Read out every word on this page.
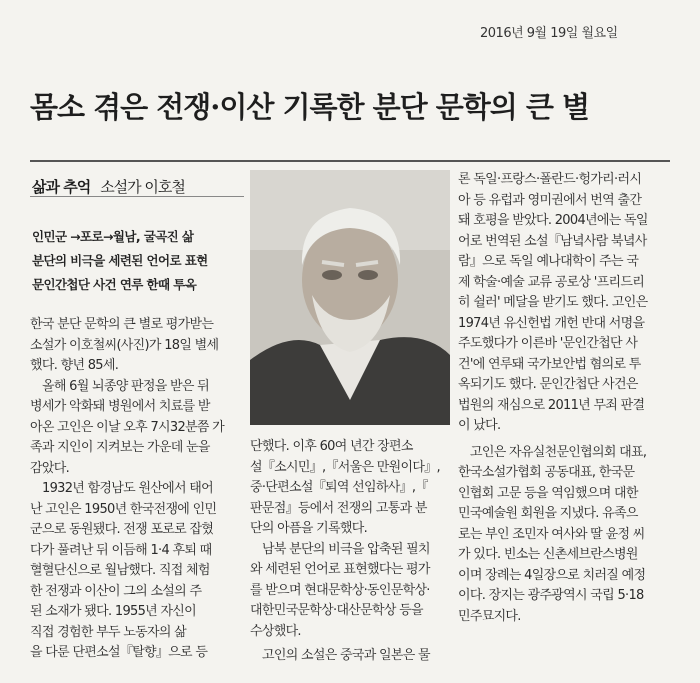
2016년 9월 19일 월요일
몸소 겪은 전쟁·이산 기록한 분단 문학의 큰 별
삶과 추억 소설가 이호철

인민군 →포로→월남, 굴곡진 삶

분단의 비극을 세련된 언어로 표현

문인간첩단 사건 연루 한때 투옥

한국 분단 문학의 큰 별로 평가받는
소설가 이호철씨(사진)가 18일 별세
했다. 향년 85세.
올해 6월 뇌종양 판정을 받은 뒤
병세가 악화돼 병원에서 치료를 받
아온 고인은 이날 오후 7시32분쯤 가
족과 지인이 지켜보는 가운데 눈을
감았다.
1932년 함경남도 원산에서 태어
난 고인은 1950년 한국전쟁에 인민
군으로 동원됐다. 전쟁 포로로 잡혔
다가 풀려난 뒤 이듬해 1·4 후퇴 때
혈혈단신으로 월남했다. 직접 체험
한 전쟁과 이산이 그의 소설의 주
된 소재가 됐다. 1955년 자신이
직접 경험한 부두 노동자의 삶
을 다룬 단편소설『탈향』으로 등
단했다. 이후 60여 년간 장편소
설『소시민』,『서울은 만원이다』,
중·단편소설『퇴역 선임하사』,『
판문점』등에서 전쟁의 고통과 분
단의 아픔을 기록했다.
남북 분단의 비극을 압축된 필치
와 세련된 언어로 표현했다는 평가
를 받으며 현대문학상·동인문학상·
대한민국문학상·대산문학상 등을
수상했다.
고인의 소설은 중국과 일본은 물
론 독일·프랑스·폴란드·헝가리·러시
아 등 유럽과 영미권에서 번역 출간
돼 호평을 받았다. 2004년에는 독일
어로 번역된 소설『남녘사람 북녘사
람』으로 독일 예나대학이 주는 국
제 학술·예술 교류 공로상 '프리드리
히 쉴러' 메달을 받기도 했다. 고인은
1974년 유신헌법 개헌 반대 서명을
주도했다가 이른바 '문인간첩단 사
건'에 연루돼 국가보안법 혐의로 투
옥되기도 했다. 문인간첩단 사건은
법원의 재심으로 2011년 무죄 판결
이 났다.
고인은 자유실천문인협의회 대표,
한국소설가협회 공동대표, 한국문
인협회 고문 등을 역임했으며 대한
민국예술원 회원을 지냈다. 유족으
로는 부인 조민자 여사와 딸 윤정 씨
가 있다. 빈소는 신촌세브란스병원
이며 장례는 4일장으로 치러질 예정
이다. 장지는 광주광역시 국립 5·18
민주묘지다.
